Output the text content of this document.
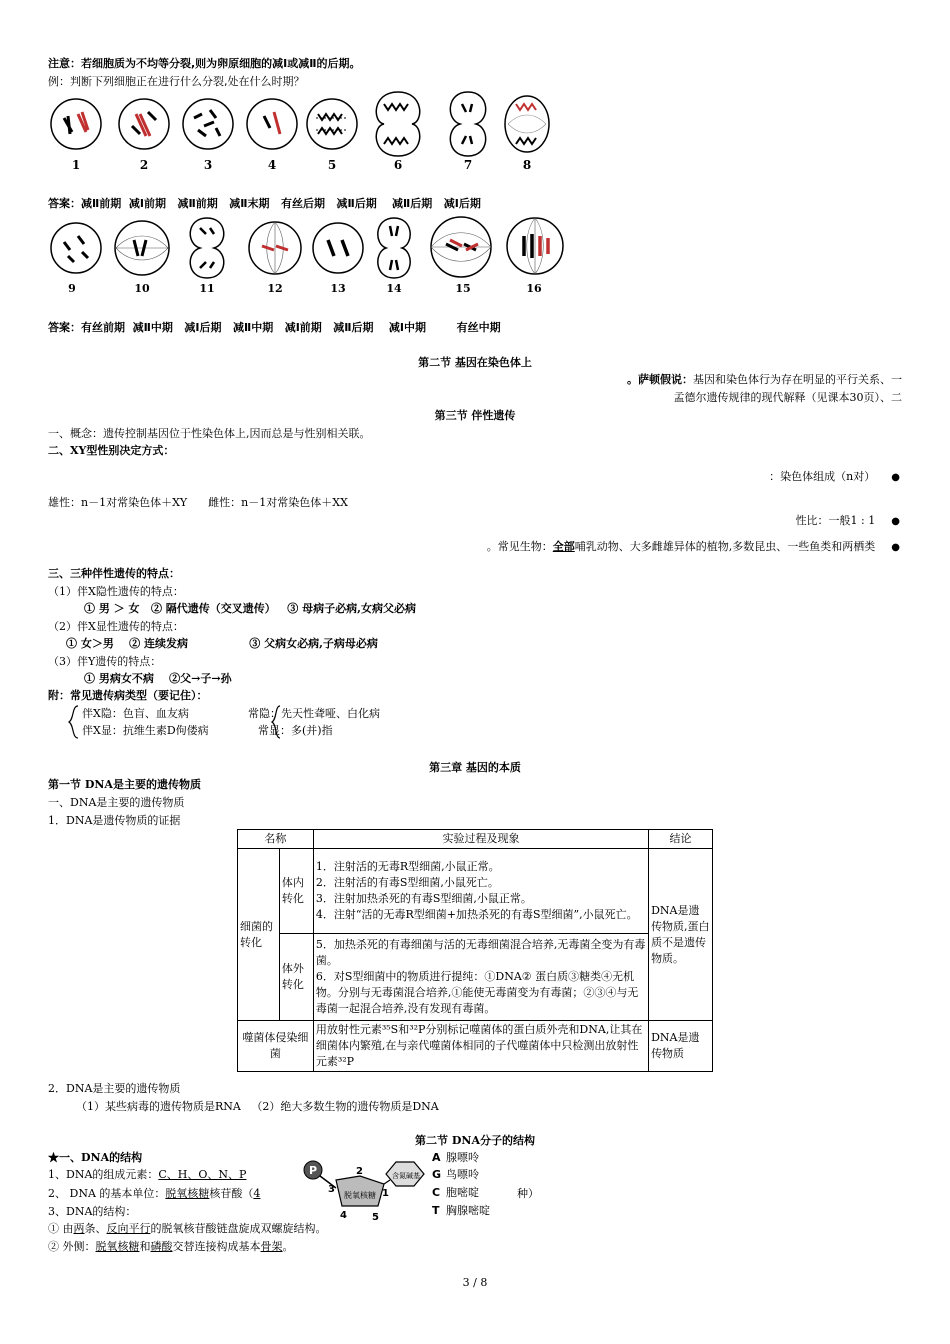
注意：若细胞质为不均等分裂,则为卵原细胞的减Ⅰ或减Ⅱ的后期。
例：判断下列细胞正在进行什么分裂,处在什么时期？
1	2	3	4	5	6	7	8
答案：减Ⅱ前期  减Ⅰ前期   减Ⅱ前期   减Ⅱ末期   有丝后期   减Ⅱ后期    减Ⅱ后期   减Ⅰ后期
9	10	11	12	13	14	15	16
答案：有丝前期  减Ⅱ中期   减Ⅰ后期   减Ⅱ中期   减Ⅰ前期   减Ⅱ后期    减Ⅰ中期        有丝中期
第二节 基因在染色体上
。萨顿假说：基因和染色体行为存在明显的平行关系、一
孟德尔遗传规律的现代解释（见课本30页）、二
第三节 伴性遗传
一、概念：遗传控制基因位于性染色体上,因而总是与性别相关联。
二、XY型性别决定方式：
：染色体组成（n对） ●
雄性：n－1对常染色体＋XY      雌性：n－1对常染色体＋XX
性比：一般1 : 1 ●
。常见生物：全部哺乳动物、大多雌雄异体的植物,多数昆虫、一些鱼类和两栖类 ●
三、三种伴性遗传的特点：
（1）伴X隐性遗传的特点：
① 男 ＞ 女   ② 隔代遗传（交叉遗传）   ③ 母病子必病,女病父必病
（2）伴X显性遗传的特点：
① 女＞男    ② 连续发病                ③ 父病女必病,子病母必病
（3）伴Y遗传的特点：
① 男病女不病    ②父→子→孙
附：常见遗传病类型（要记住）：
伴X隐：色盲、血友病
伴X显：抗维生素D佝偻病
常隐：先天性聋哑、白化病
常显：多(并)指
第三章 基因的本质
第一节 DNA是主要的遗传物质
一、DNA是主要的遗传物质
1．DNA是遗传物质的证据
名称		实验过程及现象	结论
细菌的转化	体内转化	1．注射活的无毒R型细菌,小鼠正常。
2．注射活的有毒S型细菌,小鼠死亡。
3．注射加热杀死的有毒S型细菌,小鼠正常。
4．注射“活的无毒R型细菌+加热杀死的有毒S型细菌”,小鼠死亡。	DNA是遗传物质,蛋白质不是遗传物质。
	体外转化	5．加热杀死的有毒细菌与活的无毒细菌混合培养,无毒菌全变为有毒菌。
6．对S型细菌中的物质进行提纯：①DNA② 蛋白质③糖类④无机物。分别与无毒菌混合培养,①能使无毒菌变为有毒菌；②③④与无毒菌一起混合培养,没有发现有毒菌。	

噬菌体侵染细菌		用放射性元素³⁵S和³²P分别标记噬菌体的蛋白质外壳和DNA,让其在细菌体内繁殖,在与亲代噬菌体相同的子代噬菌体中只检测出放射性元素³²P	DNA是遗传物质
2．DNA是主要的遗传物质
（1）某些病毒的遗传物质是RNA   （2）绝大多数生物的遗传物质是DNA
第二节 DNA分子的结构
★一、DNA的结构
1、DNA的组成元素：C、H、O、N、P
2、 DNA 的基本单位：脱氧核糖核苷酸（4	种）
3、DNA的结构：
① 由两条、反向平行的脱氧核苷酸链盘旋成双螺旋结构。
② 外侧：脱氧核糖和磷酸交替连接构成基本骨架。
P
脱氧核糖
含氮碱基
2
1
3
4	5
A 腺嘌呤
G 鸟嘌呤
C 胞嘧啶
T 胸腺嘧啶
3 / 8
